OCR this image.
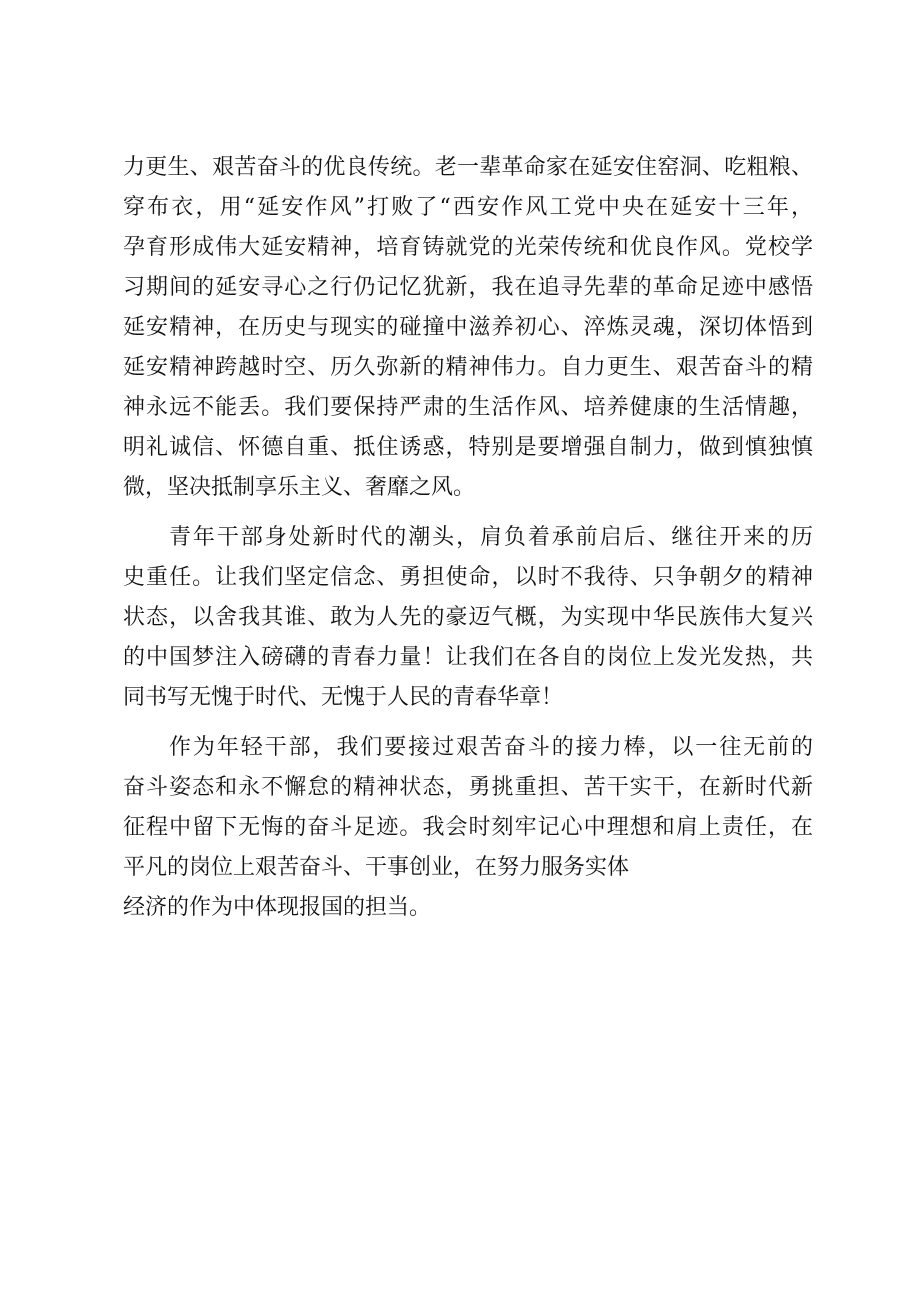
力更生、艰苦奋斗的优良传统。老一辈革命家在延安住窑洞、吃粗粮、
穿布衣，用“延安作风”打败了“西安作风工党中央在延安十三年，
孕育形成伟大延安精神，培育铸就党的光荣传统和优良作风。党校学
习期间的延安寻心之行仍记忆犹新，我在追寻先辈的革命足迹中感悟
延安精神，在历史与现实的碰撞中滋养初心、淬炼灵魂，深切体悟到
延安精神跨越时空、历久弥新的精神伟力。自力更生、艰苦奋斗的精
神永远不能丢。我们要保持严肃的生活作风、培养健康的生活情趣，
明礼诚信、怀德自重、抵住诱惑，特别是要增强自制力，做到慎独慎
微，坚决抵制享乐主义、奢靡之风。
青年干部身处新时代的潮头，肩负着承前启后、继往开来的历
史重任。让我们坚定信念、勇担使命，以时不我待、只争朝夕的精神
状态，以舍我其谁、敢为人先的豪迈气概，为实现中华民族伟大复兴
的中国梦注入磅礴的青春力量！让我们在各自的岗位上发光发热，共
同书写无愧于时代、无愧于人民的青春华章！
作为年轻干部，我们要接过艰苦奋斗的接力棒，以一往无前的
奋斗姿态和永不懈怠的精神状态，勇挑重担、苦干实干，在新时代新
征程中留下无悔的奋斗足迹。我会时刻牢记心中理想和肩上责任，在
平凡的岗位上艰苦奋斗、干事创业，在努力服务实体
经济的作为中体现报国的担当。
